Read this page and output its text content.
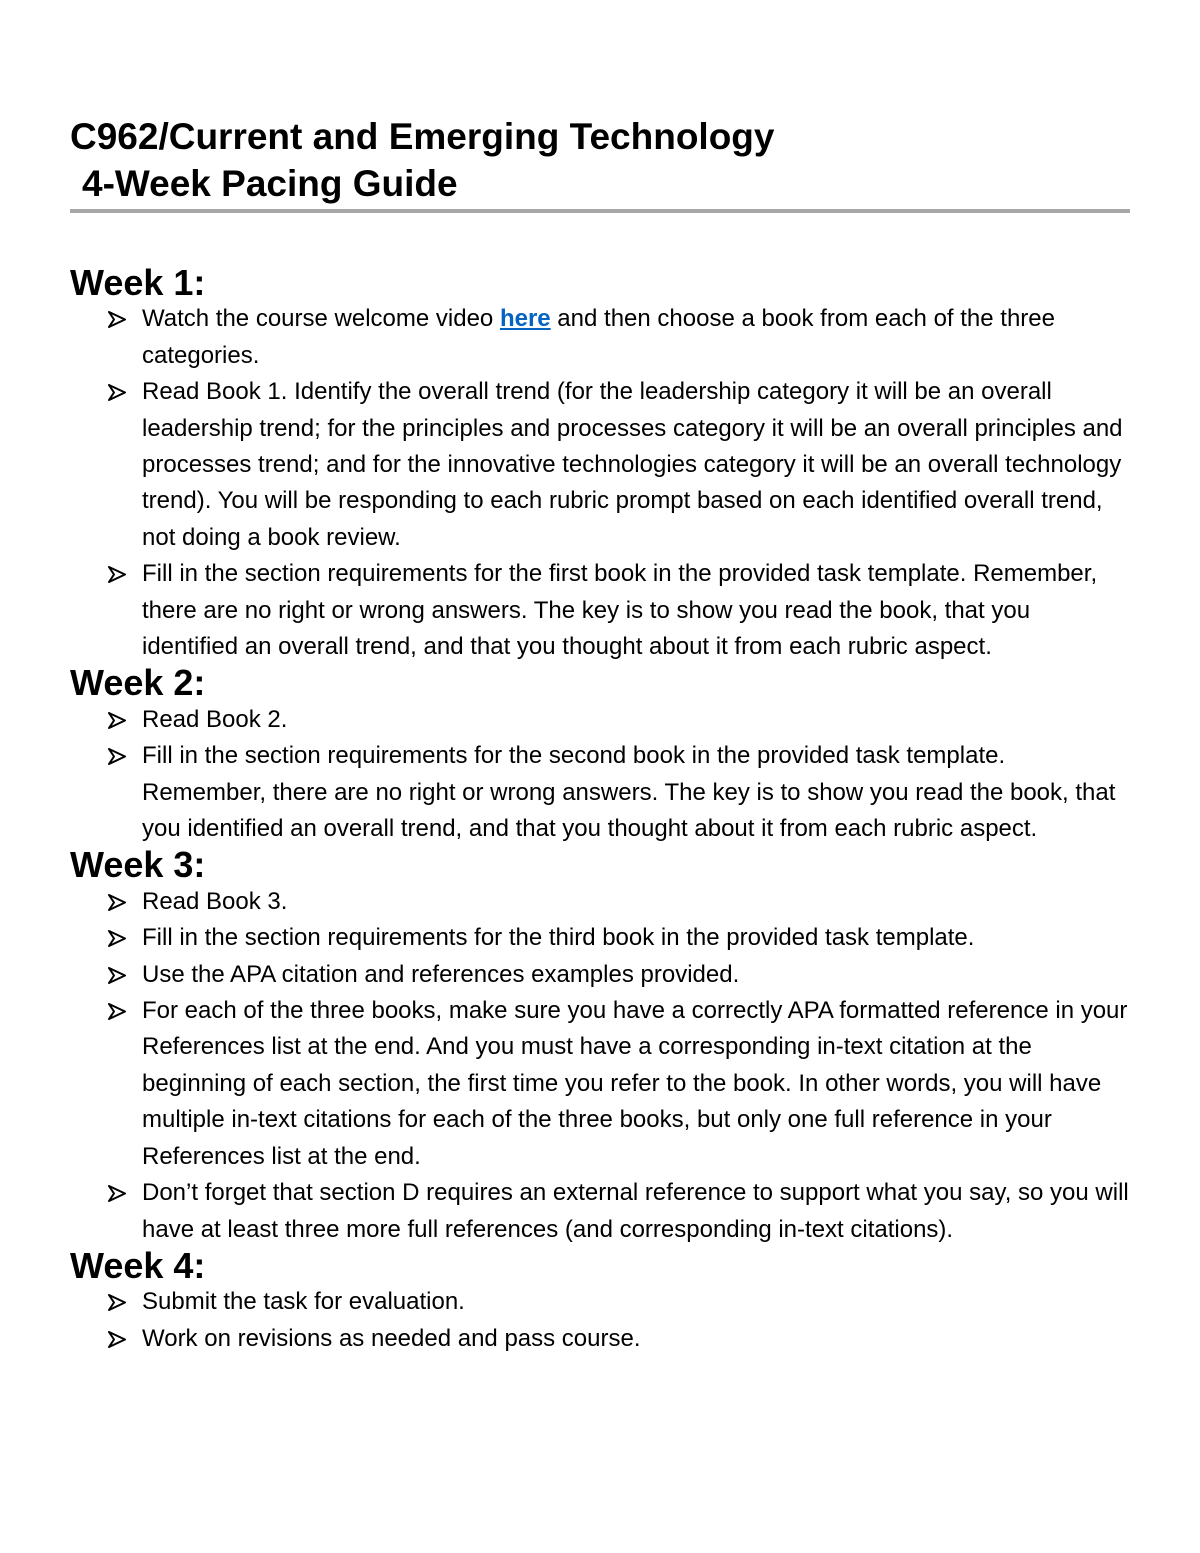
C962/Current and Emerging Technology
4-Week Pacing Guide
Week 1:
Watch the course welcome video here and then choose a book from each of the three categories.
Read Book 1. Identify the overall trend (for the leadership category it will be an overall leadership trend; for the principles and processes category it will be an overall principles and processes trend; and for the innovative technologies category it will be an overall technology trend). You will be responding to each rubric prompt based on each identified overall trend, not doing a book review.
Fill in the section requirements for the first book in the provided task template. Remember, there are no right or wrong answers. The key is to show you read the book, that you identified an overall trend, and that you thought about it from each rubric aspect.
Week 2:
Read Book 2.
Fill in the section requirements for the second book in the provided task template. Remember, there are no right or wrong answers. The key is to show you read the book, that you identified an overall trend, and that you thought about it from each rubric aspect.
Week 3:
Read Book 3.
Fill in the section requirements for the third book in the provided task template.
Use the APA citation and references examples provided.
For each of the three books, make sure you have a correctly APA formatted reference in your References list at the end. And you must have a corresponding in-text citation at the beginning of each section, the first time you refer to the book. In other words, you will have multiple in-text citations for each of the three books, but only one full reference in your References list at the end.
Don’t forget that section D requires an external reference to support what you say, so you will have at least three more full references (and corresponding in-text citations).
Week 4:
Submit the task for evaluation.
Work on revisions as needed and pass course.
